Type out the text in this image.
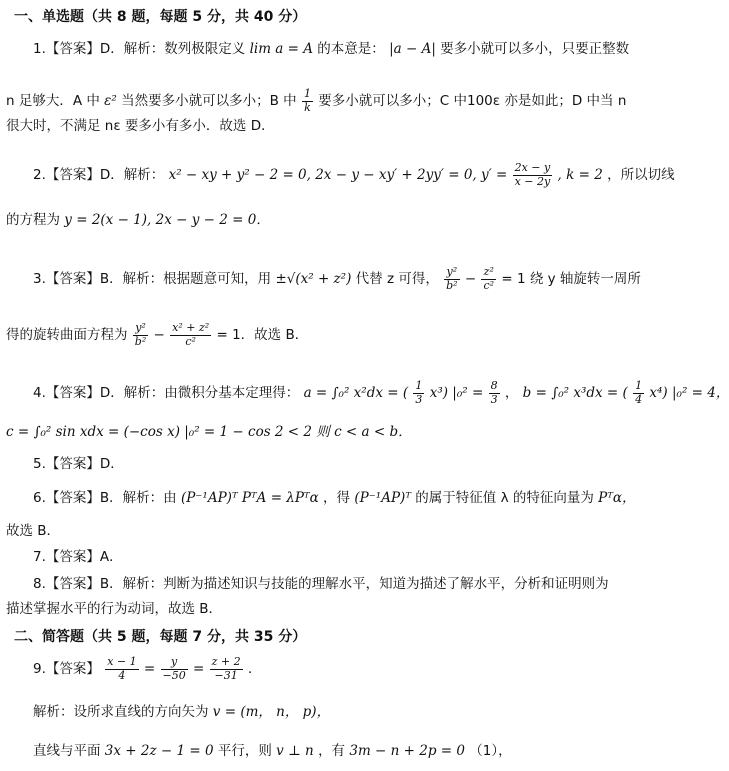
一、单选题（共 8 题，每题 5 分，共 40 分）
1.【答案】D．解析：数列极限定义 lim a = A 的本意是： |a − A| 要多小就可以多小，只要正整数
n 足够大．A 中 ε² 当然要多小就可以多小；B 中 $\frac{1}{k}$ 要多小就可以多小；C 中100ε 亦是如此；D 中当 n
很大时，不满足 nε 要多小有多小．故选 D．
2.【答案】D．解析： x² − xy + y² − 2 = 0, 2x − y − xy′ + 2yy′ = 0, $y' = \frac{2x - y}{x - 2y}$ , k = 2 ，所以切线
的方程为 y = 2(x − 1), 2x − y − 2 = 0．
3.【答案】B．解析：根据题意可知，用 ±√(x² + z²) 代替 z 可得， $\frac{\text{y²}}{\text{b²}} - \frac{\text{z²}}{\text{c²}} = 1$ 绕 y 轴旋转一周所
得的旋转曲面方程为 $\frac{\text{y²}}{\text{b²}} - \frac{\text{x² + z²}}{\text{c²}} = 1$．故选 B．
4.【答案】D．解析：由微积分基本定理得： a = ∫₀² x²dx = ( $\frac{1}{3} x^3$) $|_0^2 = \frac{8}{3}$ ， b = ∫₀² x³dx = ( $\frac{1}{4} x^4$) |₀² = 4，
c = ∫₀² sin xdx = (−cos x) |₀² = 1 − cos 2 < 2 则 c < a < b．
5.【答案】D．
6.【答案】B．解析：由 (P⁻¹AP)ᵀ PᵀA = λPᵀα ，得 (P⁻¹AP)ᵀ 的属于特征值 λ 的特征向量为 Pᵀα，
故选 B．
7.【答案】A．
8.【答案】B．解析：判断为描述知识与技能的理解水平，知道为描述了解水平，分析和证明则为
描述掌握水平的行为动词，故选 B．
二、简答题（共 5 题，每题 7 分，共 35 分）
9.【答案】 $\frac{x - 1}{4} = \frac{y}{-50} = \frac{z + 2}{-31}$ ．
解析：设所求直线的方向矢为 v = (m， n， p)，
直线与平面 3x + 2z − 1 = 0 平行，则 v ⊥ n ，有 3m − n + 2p = 0 （1），
